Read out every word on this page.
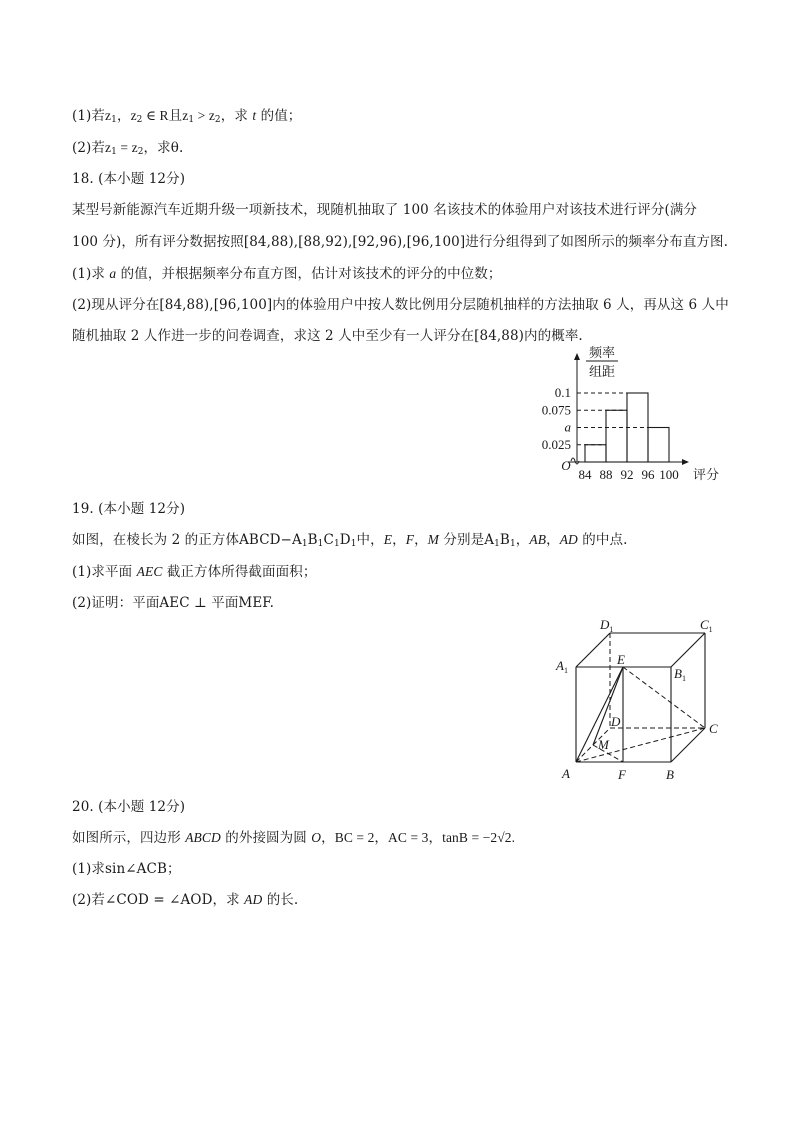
(1)若$z_1$，$z_2$ ∈ R且$z_1 > z_2$，求 t 的值；
(2)若$z_1 = z_2$，求θ.
18. (本小题 12分)
某型号新能源汽车近期升级一项新技术，现随机抽取了 100 名该技术的体验用户对该技术进行评分(满分
100 分)，所有评分数据按照[84,88),[88,92),[92,96),[96,100]进行分组得到了如图所示的频率分布直方图.
(1)求 a 的值，并根据频率分布直方图，估计对该技术的评分的中位数；
(2)现从评分在[84,88),[96,100]内的体验用户中按人数比例用分层随机抽样的方法抽取 6 人，再从这 6 人中
随机抽取 2 人作进一步的问卷调查，求这 2 人中至少有一人评分在[84,88)内的概率.
频率
组距
O
评分
0.025
a
0.075
0.1
84 88 92 96 100
19. (本小题 12分)
如图，在棱长为 2 的正方体$ABCD-A_1B_1C_1D_1$中，E，F，M 分别是$A_1B_1$，AB，AD 的中点.
(1)求平面 AEC 截正方体所得截面面积；
(2)证明：平面AEC ⊥ 平面MEF.
$D_1$	$C_1$
$A_1$	$B_1$
E
D
M
C
A	F	B
20. (本小题 12分)
如图所示，四边形 ABCD 的外接圆为圆 O，BC = 2，AC = 3，tanB = −2√2.
(1)求sin∠ACB；
(2)若∠COD = ∠AOD，求 AD 的长.
